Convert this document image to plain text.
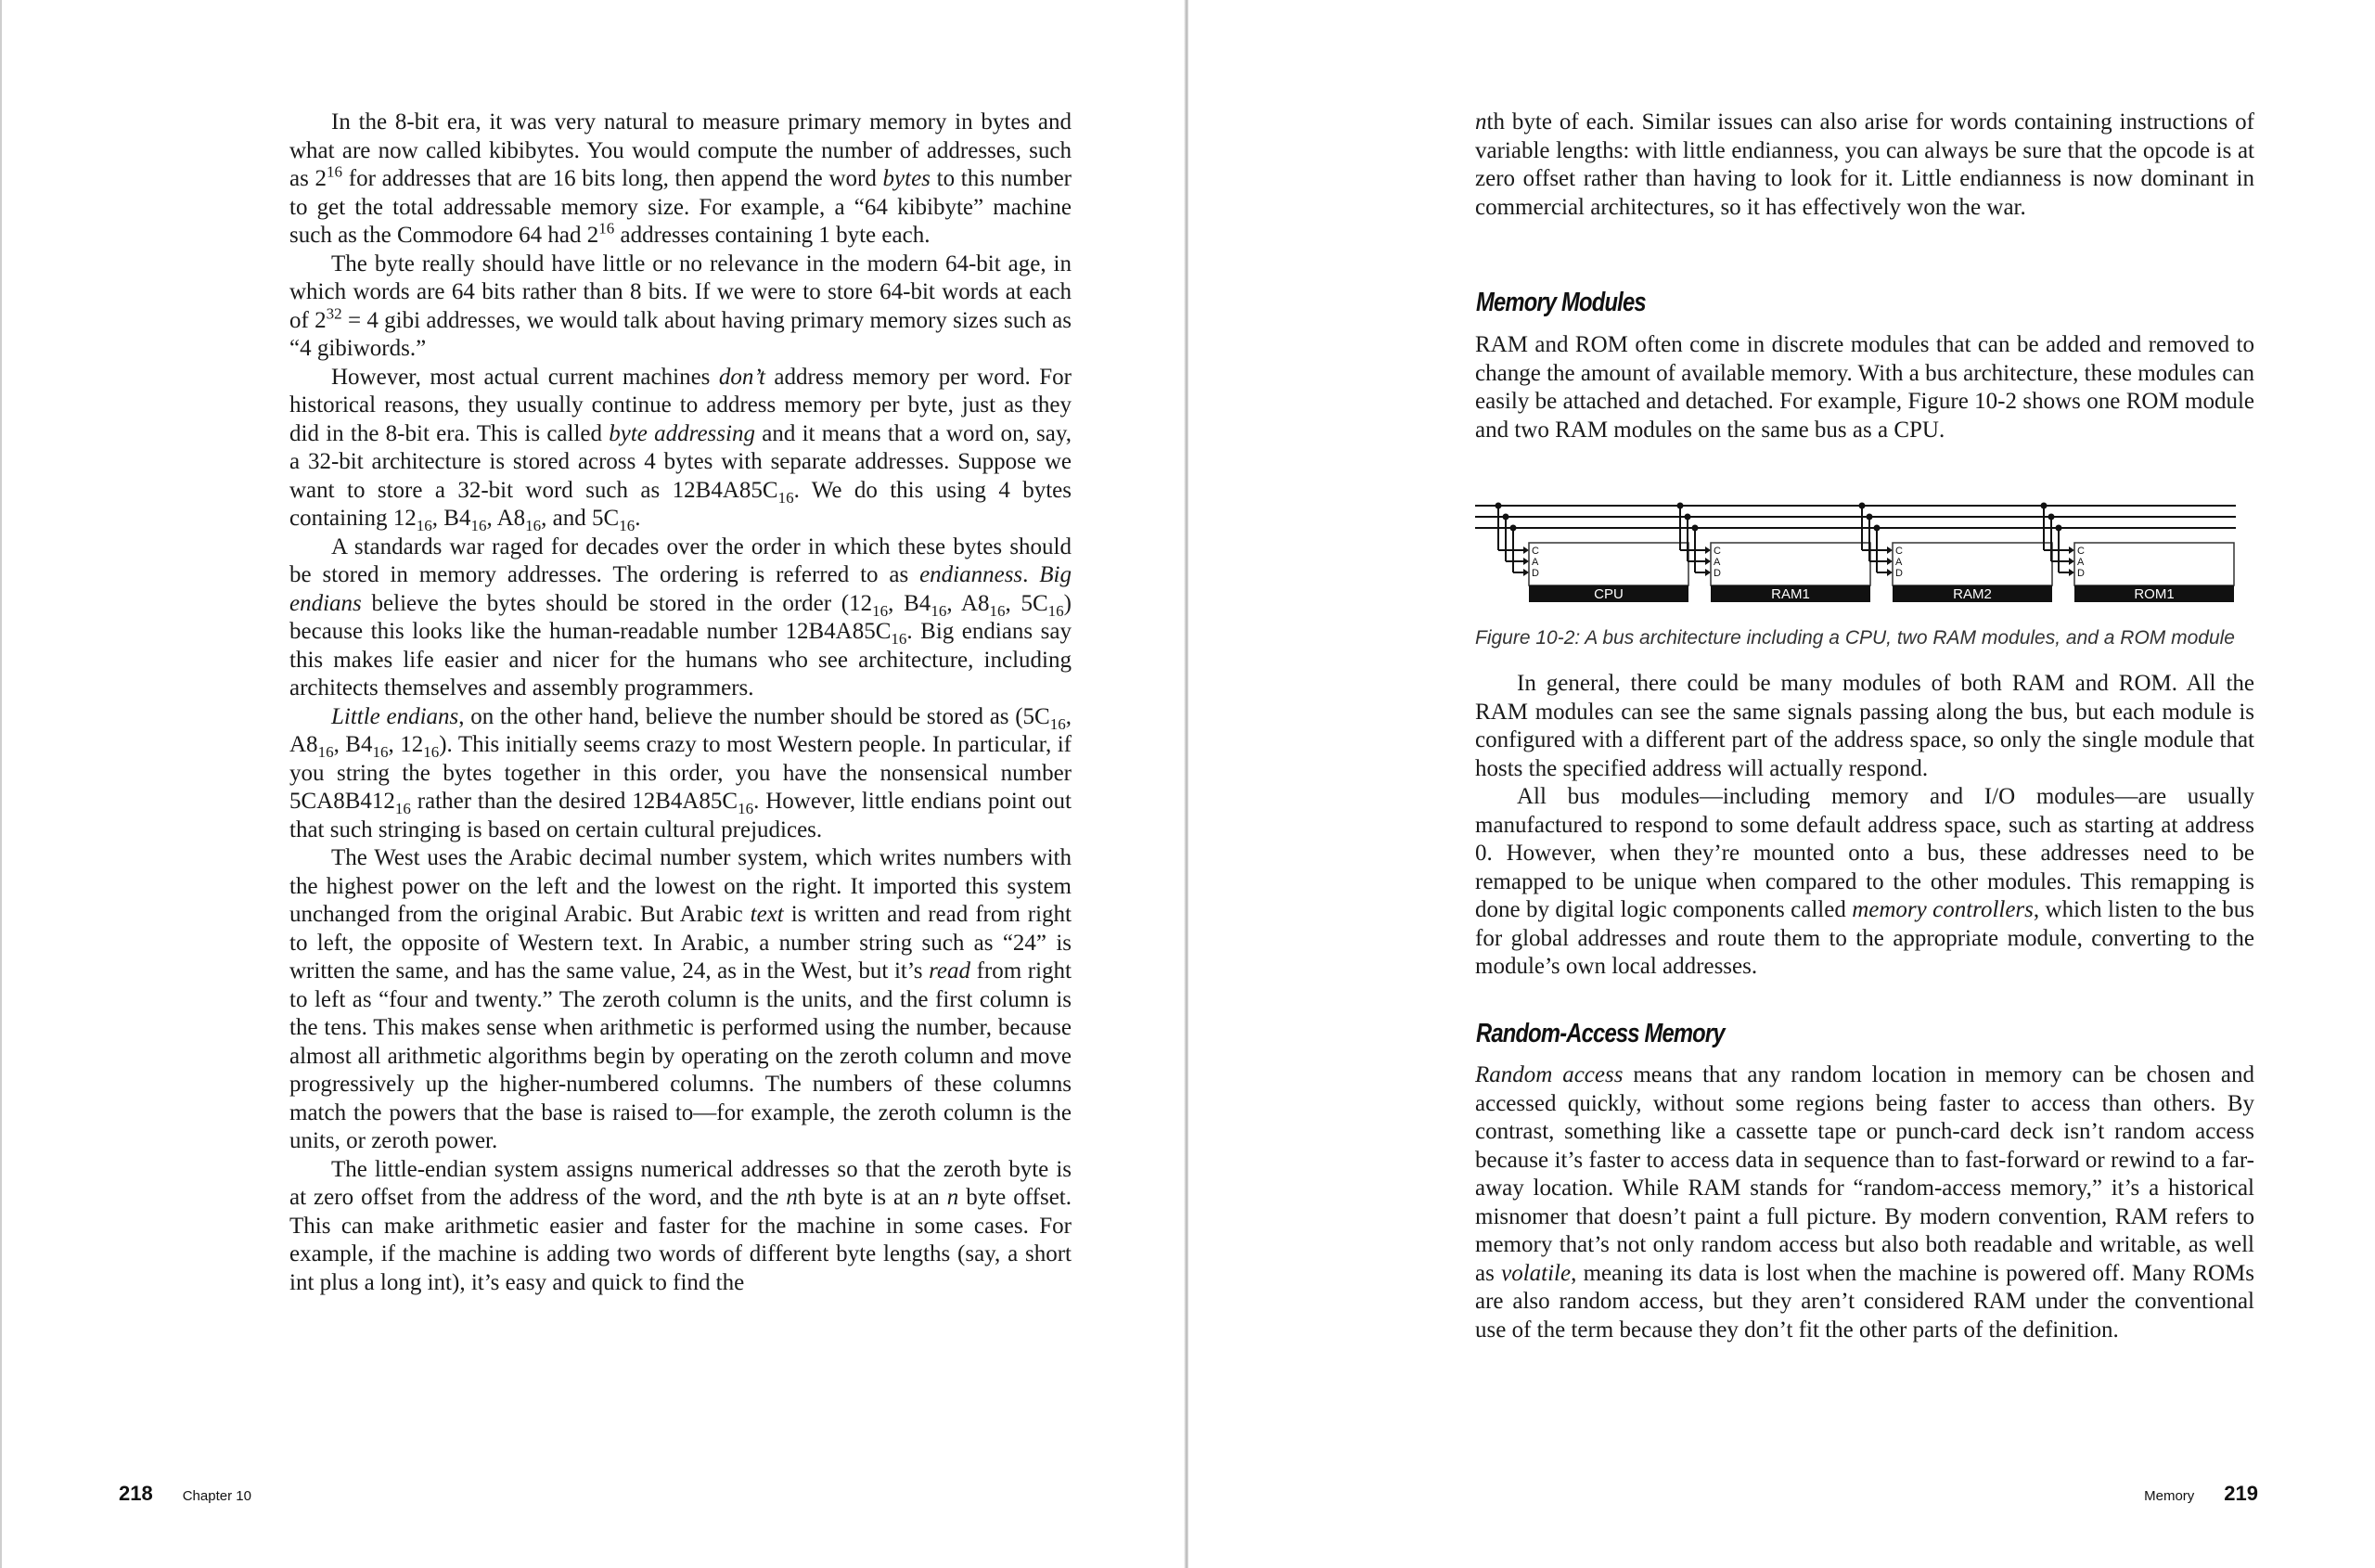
In the 8-bit era, it was very natural to measure primary memory in bytes and what are now called kibibytes. You would compute the number of addresses, such as $2^{16}$ for addresses that are 16 bits long, then append the word bytes to this number to get the total addressable memory size. For example, a “64 kibibyte” machine such as the Commodore 64 had $2^{16}$ addresses containing 1 byte each.

The byte really should have little or no relevance in the modern 64-bit age, in which words are 64 bits rather than 8 bits. If we were to store 64-bit words at each of $2^{32} = 4$ gibi addresses, we would talk about having primary memory sizes such as “4 gibiwords.”

However, most actual current machines don’t address memory per word. For historical reasons, they usually continue to address memory per byte, just as they did in the 8-bit era. This is called byte addressing and it means that a word on, say, a 32-bit architecture is stored across 4 bytes with separate addresses. Suppose we want to store a 32-bit word such as $12B4A85C_{16}$. We do this using 4 bytes containing $12_{16}$, $B4_{16}$, $A8_{16}$, and $5C_{16}$.

A standards war raged for decades over the order in which these bytes should be stored in memory addresses. The ordering is referred to as endianness. Big endians believe the bytes should be stored in the order ($12_{16}$, $B4_{16}$, $A8_{16}$, $5C_{16}$) because this looks like the human-readable number $12B4A85C_{16}$. Big endians say this makes life easier and nicer for the humans who see architecture, including architects themselves and assembly programmers.

Little endians, on the other hand, believe the number should be stored as ($5C_{16}$, $A8_{16}$, $B4_{16}$, $12_{16}$). This initially seems crazy to most Western people. In particular, if you string the bytes together in this order, you have the nonsensical number $5CA8B412_{16}$ rather than the desired $12B4A85C_{16}$. However, little endians point out that such stringing is based on certain cultural prejudices.

The West uses the Arabic decimal number system, which writes numbers with the highest power on the left and the lowest on the right. It imported this system unchanged from the original Arabic. But Arabic text is written and read from right to left, the opposite of Western text. In Arabic, a number string such as “24” is written the same, and has the same value, 24, as in the West, but it’s read from right to left as “four and twenty.” The zeroth column is the units, and the first column is the tens. This makes sense when arithmetic is performed using the number, because almost all arithmetic algorithms begin by operating on the zeroth column and move progressively up the higher-numbered columns. The numbers of these columns match the powers that the base is raised to—for example, the zeroth column is the units, or zeroth power.

The little-endian system assigns numerical addresses so that the zeroth byte is at zero offset from the address of the word, and the nth byte is at an n byte offset. This can make arithmetic easier and faster for the machine in some cases. For example, if the machine is adding two words of different byte lengths (say, a short int plus a long int), it’s easy and quick to find the

218 Chapter 10

nth byte of each. Similar issues can also arise for words containing instructions of variable lengths: with little endianness, you can always be sure that the opcode is at zero offset rather than having to look for it. Little endianness is now dominant in commercial architectures, so it has effectively won the war.

Memory Modules

RAM and ROM often come in discrete modules that can be added and removed to change the amount of available memory. With a bus architecture, these modules can easily be attached and detached. For example, Figure 10-2 shows one ROM module and two RAM modules on the same bus as a CPU.

C
A
D
CPU
C
A
D
RAM1
C
A
D
RAM2
C
A
D
ROM1
Figure 10-2: A bus architecture including a CPU, two RAM modules, and a ROM module

In general, there could be many modules of both RAM and ROM. All the RAM modules can see the same signals passing along the bus, but each module is configured with a different part of the address space, so only the single module that hosts the specified address will actually respond.

All bus modules—including memory and I/O modules—are usually manufactured to respond to some default address space, such as starting at address 0. However, when they’re mounted onto a bus, these addresses need to be remapped to be unique when compared to the other modules. This remapping is done by digital logic components called memory controllers, which listen to the bus for global addresses and route them to the appropriate module, converting to the module’s own local addresses.

Random-Access Memory

Random access means that any random location in memory can be chosen and accessed quickly, without some regions being faster to access than others. By contrast, something like a cassette tape or punch-card deck isn’t random access because it’s faster to access data in sequence than to fast-forward or rewind to a far-away location. While RAM stands for “random-access memory,” it’s a historical misnomer that doesn’t paint a full picture. By modern convention, RAM refers to memory that’s not only random access but also both readable and writable, as well as volatile, meaning its data is lost when the machine is powered off. Many ROMs are also random access, but they aren’t considered RAM under the conventional use of the term because they don’t fit the other parts of the definition.

Memory 219
